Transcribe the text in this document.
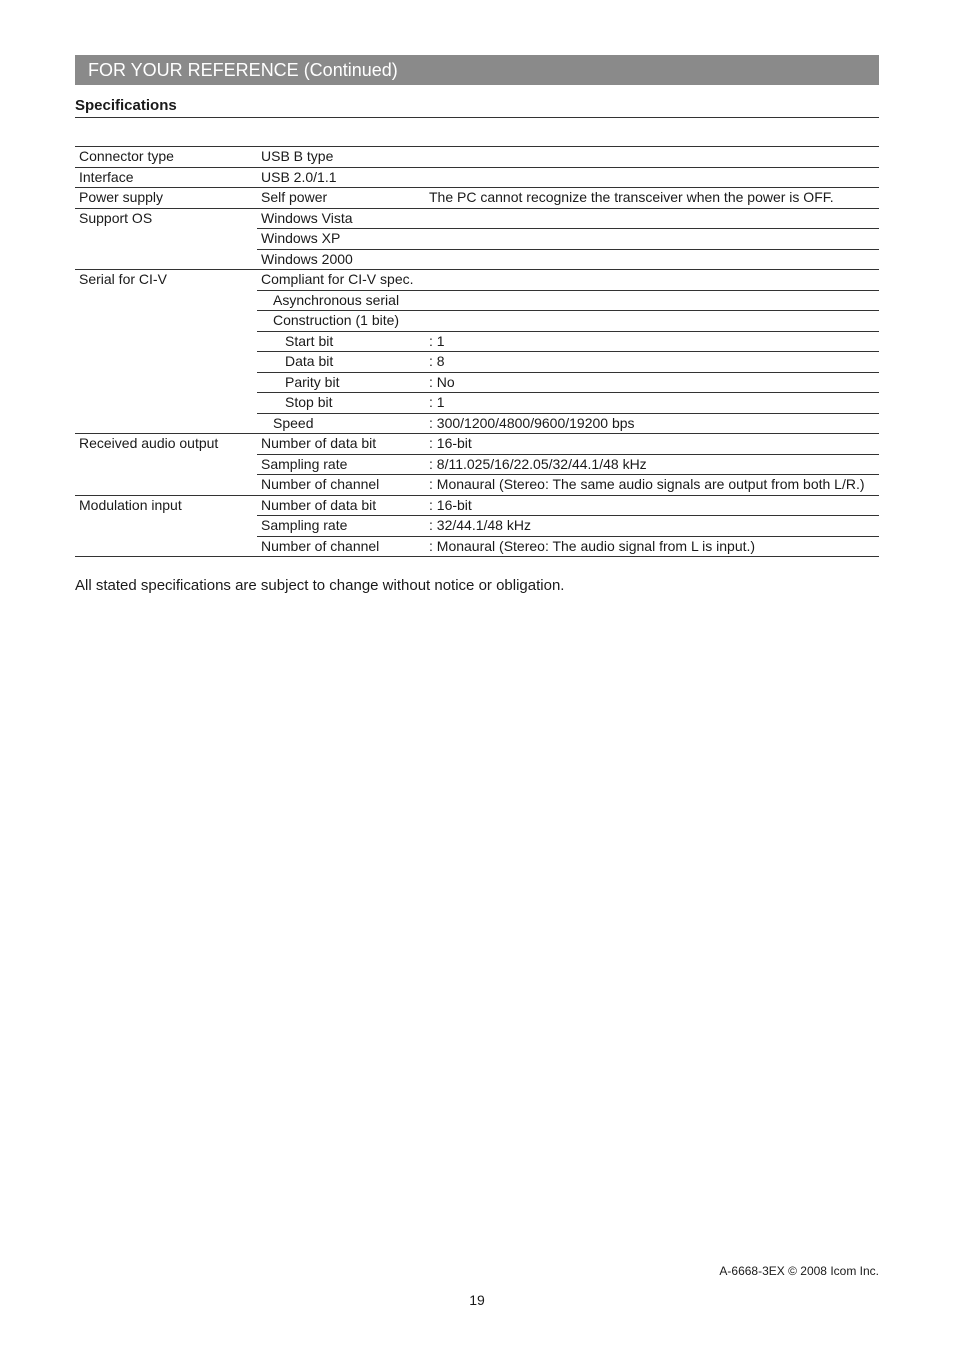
FOR YOUR REFERENCE (Continued)
Specifications
Connector type	USB B type	
Interface	USB 2.0/1.1	
Power supply	Self power	The PC cannot recognize the transceiver when the power is OFF.
Support OS	Windows Vista	
	Windows XP	
	Windows 2000	
Serial for CI-V	Compliant for CI-V spec.	
	Asynchronous serial	
	Construction (1 bite)	
	Start bit	: 1
	Data bit	: 8
	Parity bit	: No
	Stop bit	: 1
	Speed	: 300/1200/4800/9600/19200 bps
Received audio output	Number of data bit	: 16-bit
	Sampling rate	: 8/11.025/16/22.05/32/44.1/48 kHz
	Number of channel	: Monaural (Stereo: The same audio signals are output from both L/R.)
Modulation input	Number of data bit	: 16-bit
	Sampling rate	: 32/44.1/48 kHz
	Number of channel	: Monaural (Stereo: The audio signal from L is input.)
All stated specifications are subject to change without notice or obligation.
A-6668-3EX © 2008 Icom Inc.
19
